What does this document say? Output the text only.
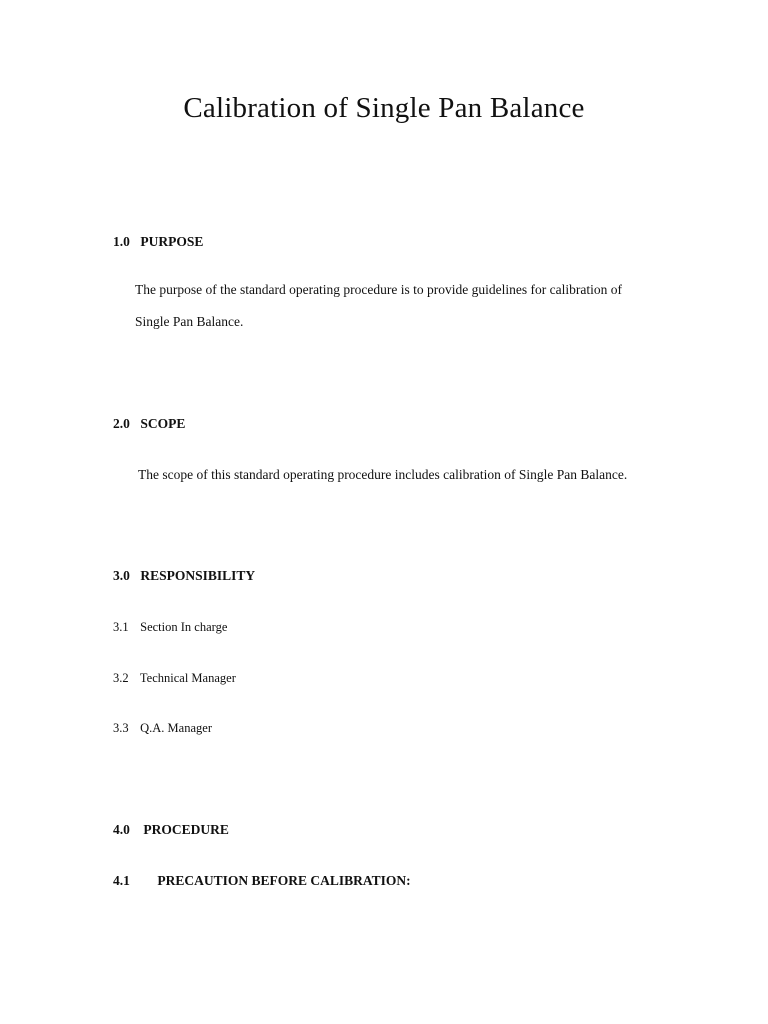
Calibration of Single Pan Balance
1.0 PURPOSE

The purpose of the standard operating procedure is to provide guidelines for calibration of

Single Pan Balance.

2.0 SCOPE

The scope of this standard operating procedure includes calibration of Single Pan Balance.

3.0 RESPONSIBILITY
3.1 Section In charge
3.2 Technical Manager
3.3 Q.A. Manager
4.0 PROCEDURE
4.1 PRECAUTION BEFORE CALIBRATION:
